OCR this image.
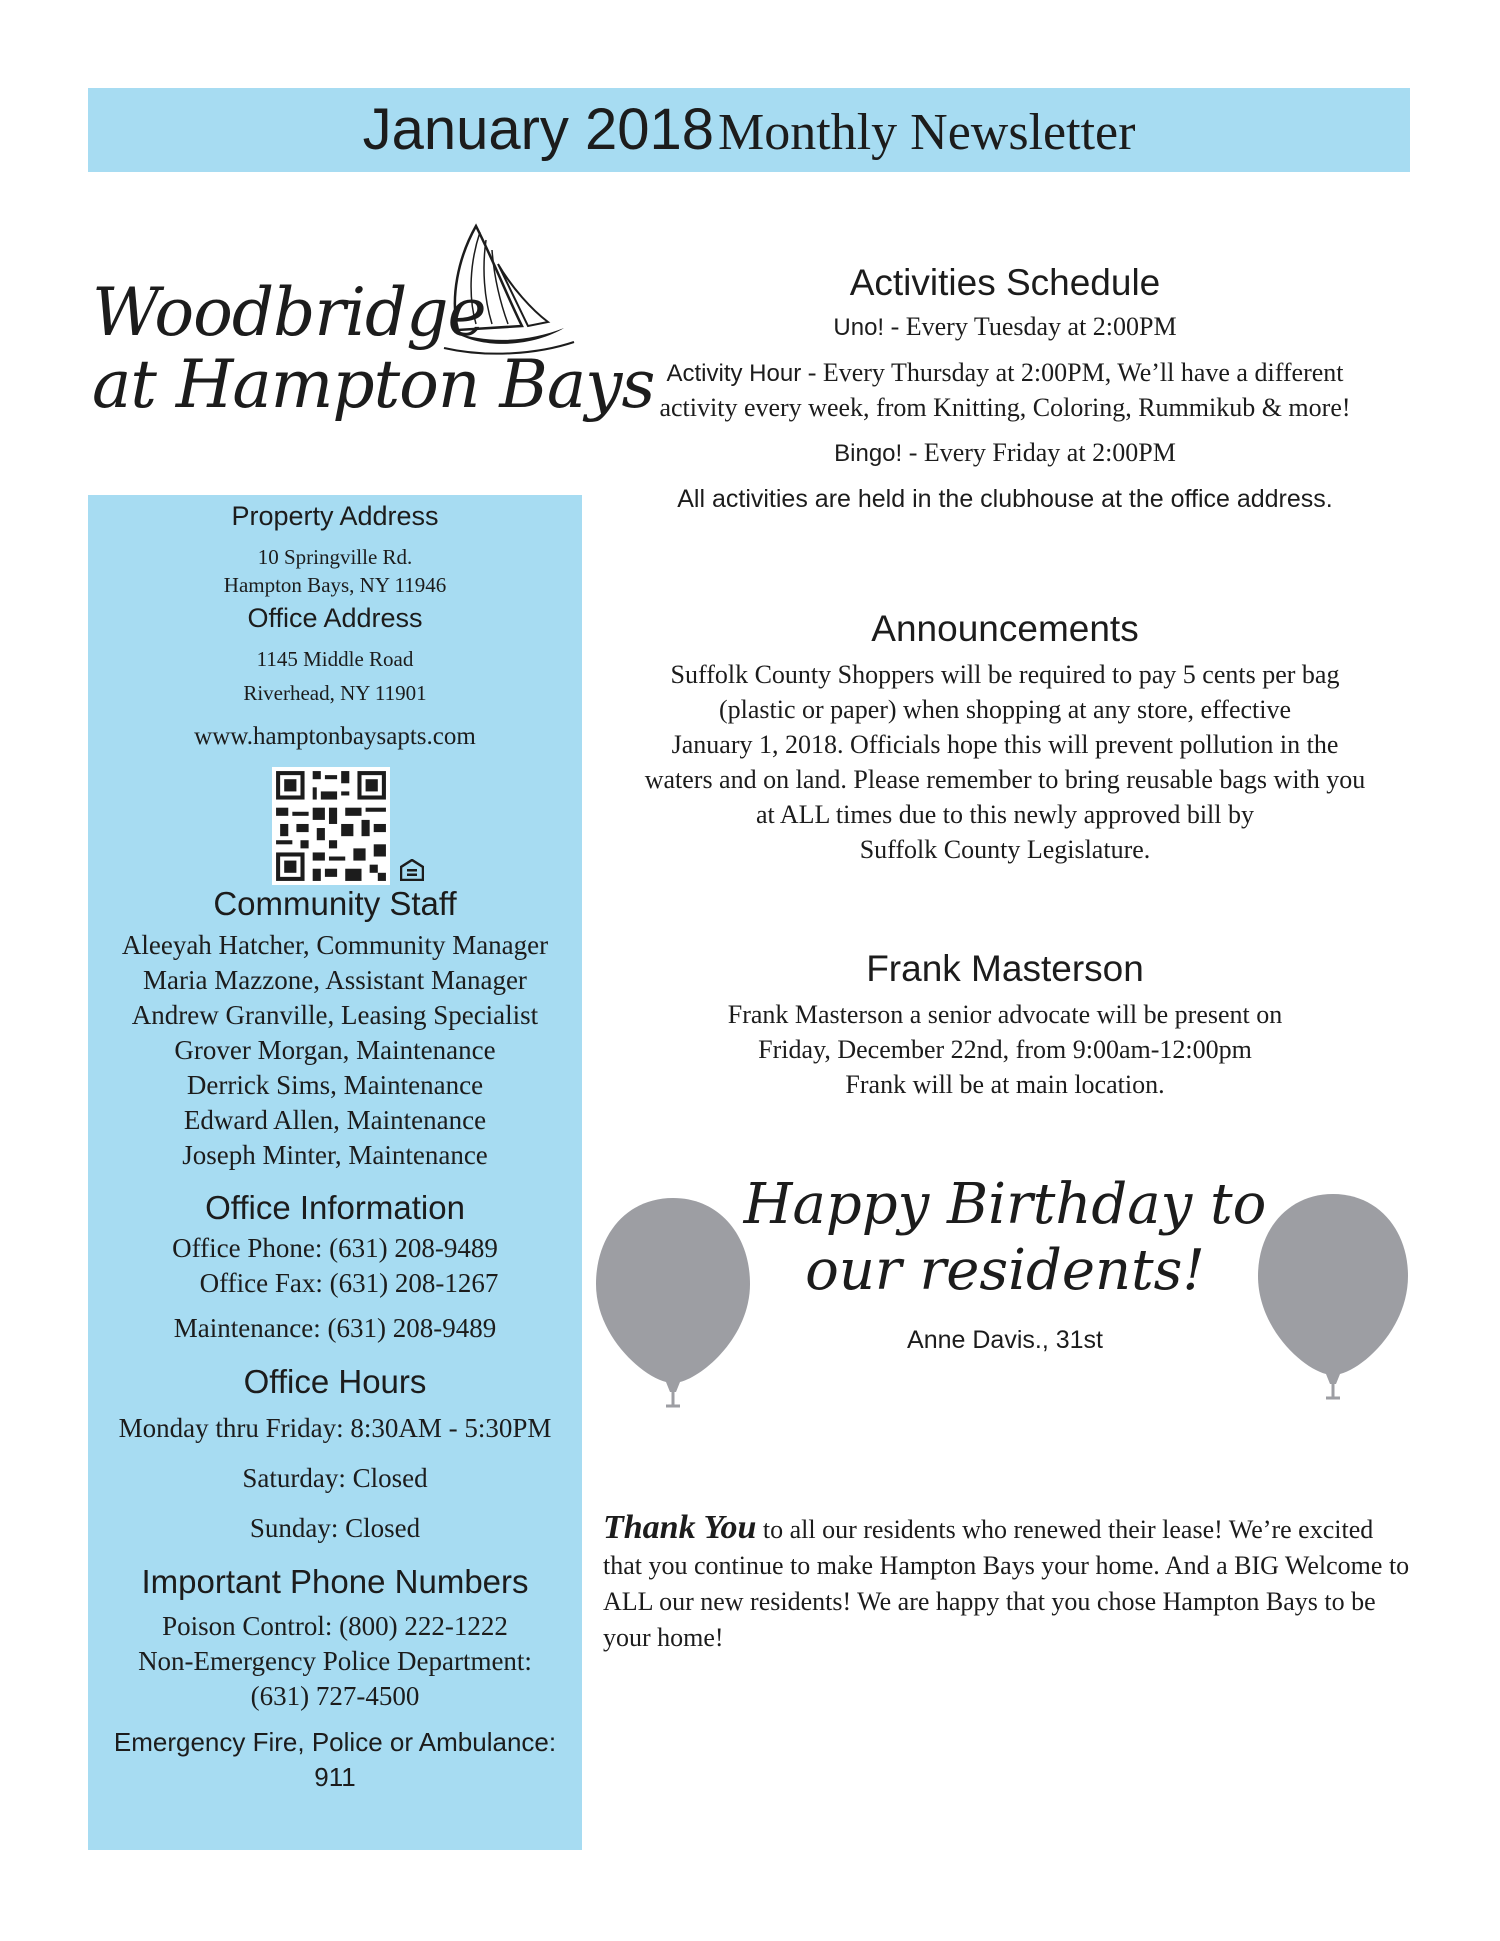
January 2018 Monthly Newsletter
Woodbridge
at Hampton Bays
Property Address
10 Springville Rd.
Hampton Bays, NY 11946
Office Address
1145 Middle Road
Riverhead, NY 11901
www.hamptonbaysapts.com
Community Staff
Aleeyah Hatcher, Community Manager
Maria Mazzone, Assistant Manager
Andrew Granville, Leasing Specialist
Grover Morgan, Maintenance
Derrick Sims, Maintenance
Edward Allen, Maintenance
Joseph Minter, Maintenance
Office Information
Office Phone: (631) 208-9489
Office Fax: (631) 208-1267
Maintenance: (631) 208-9489
Office Hours
Monday thru Friday: 8:30AM - 5:30PM
Saturday: Closed
Sunday: Closed
Important Phone Numbers
Poison Control: (800) 222-1222
Non-Emergency Police Department:
(631) 727-4500
Emergency Fire, Police or Ambulance:
911
Activities Schedule
Uno! - Every Tuesday at 2:00PM
Activity Hour - Every Thursday at 2:00PM, We’ll have a different
activity every week, from Knitting, Coloring, Rummikub & more!
Bingo! - Every Friday at 2:00PM
All activities are held in the clubhouse at the office address.
Announcements
Suffolk County Shoppers will be required to pay 5 cents per bag
(plastic or paper) when shopping at any store, effective
January 1, 2018. Officials hope this will prevent pollution in the
waters and on land. Please remember to bring reusable bags with you
at ALL times due to this newly approved bill by
Suffolk County Legislature.
Frank Masterson
Frank Masterson a senior advocate will be present on
Friday, December 22nd, from 9:00am-12:00pm
Frank will be at main location.
Happy Birthday to
our residents!
Anne Davis., 31st
Thank You to all our residents who renewed their lease! We’re excited that you continue to make Hampton Bays your home. And a BIG Welcome to ALL our new residents! We are happy that you chose Hampton Bays to be your home!
